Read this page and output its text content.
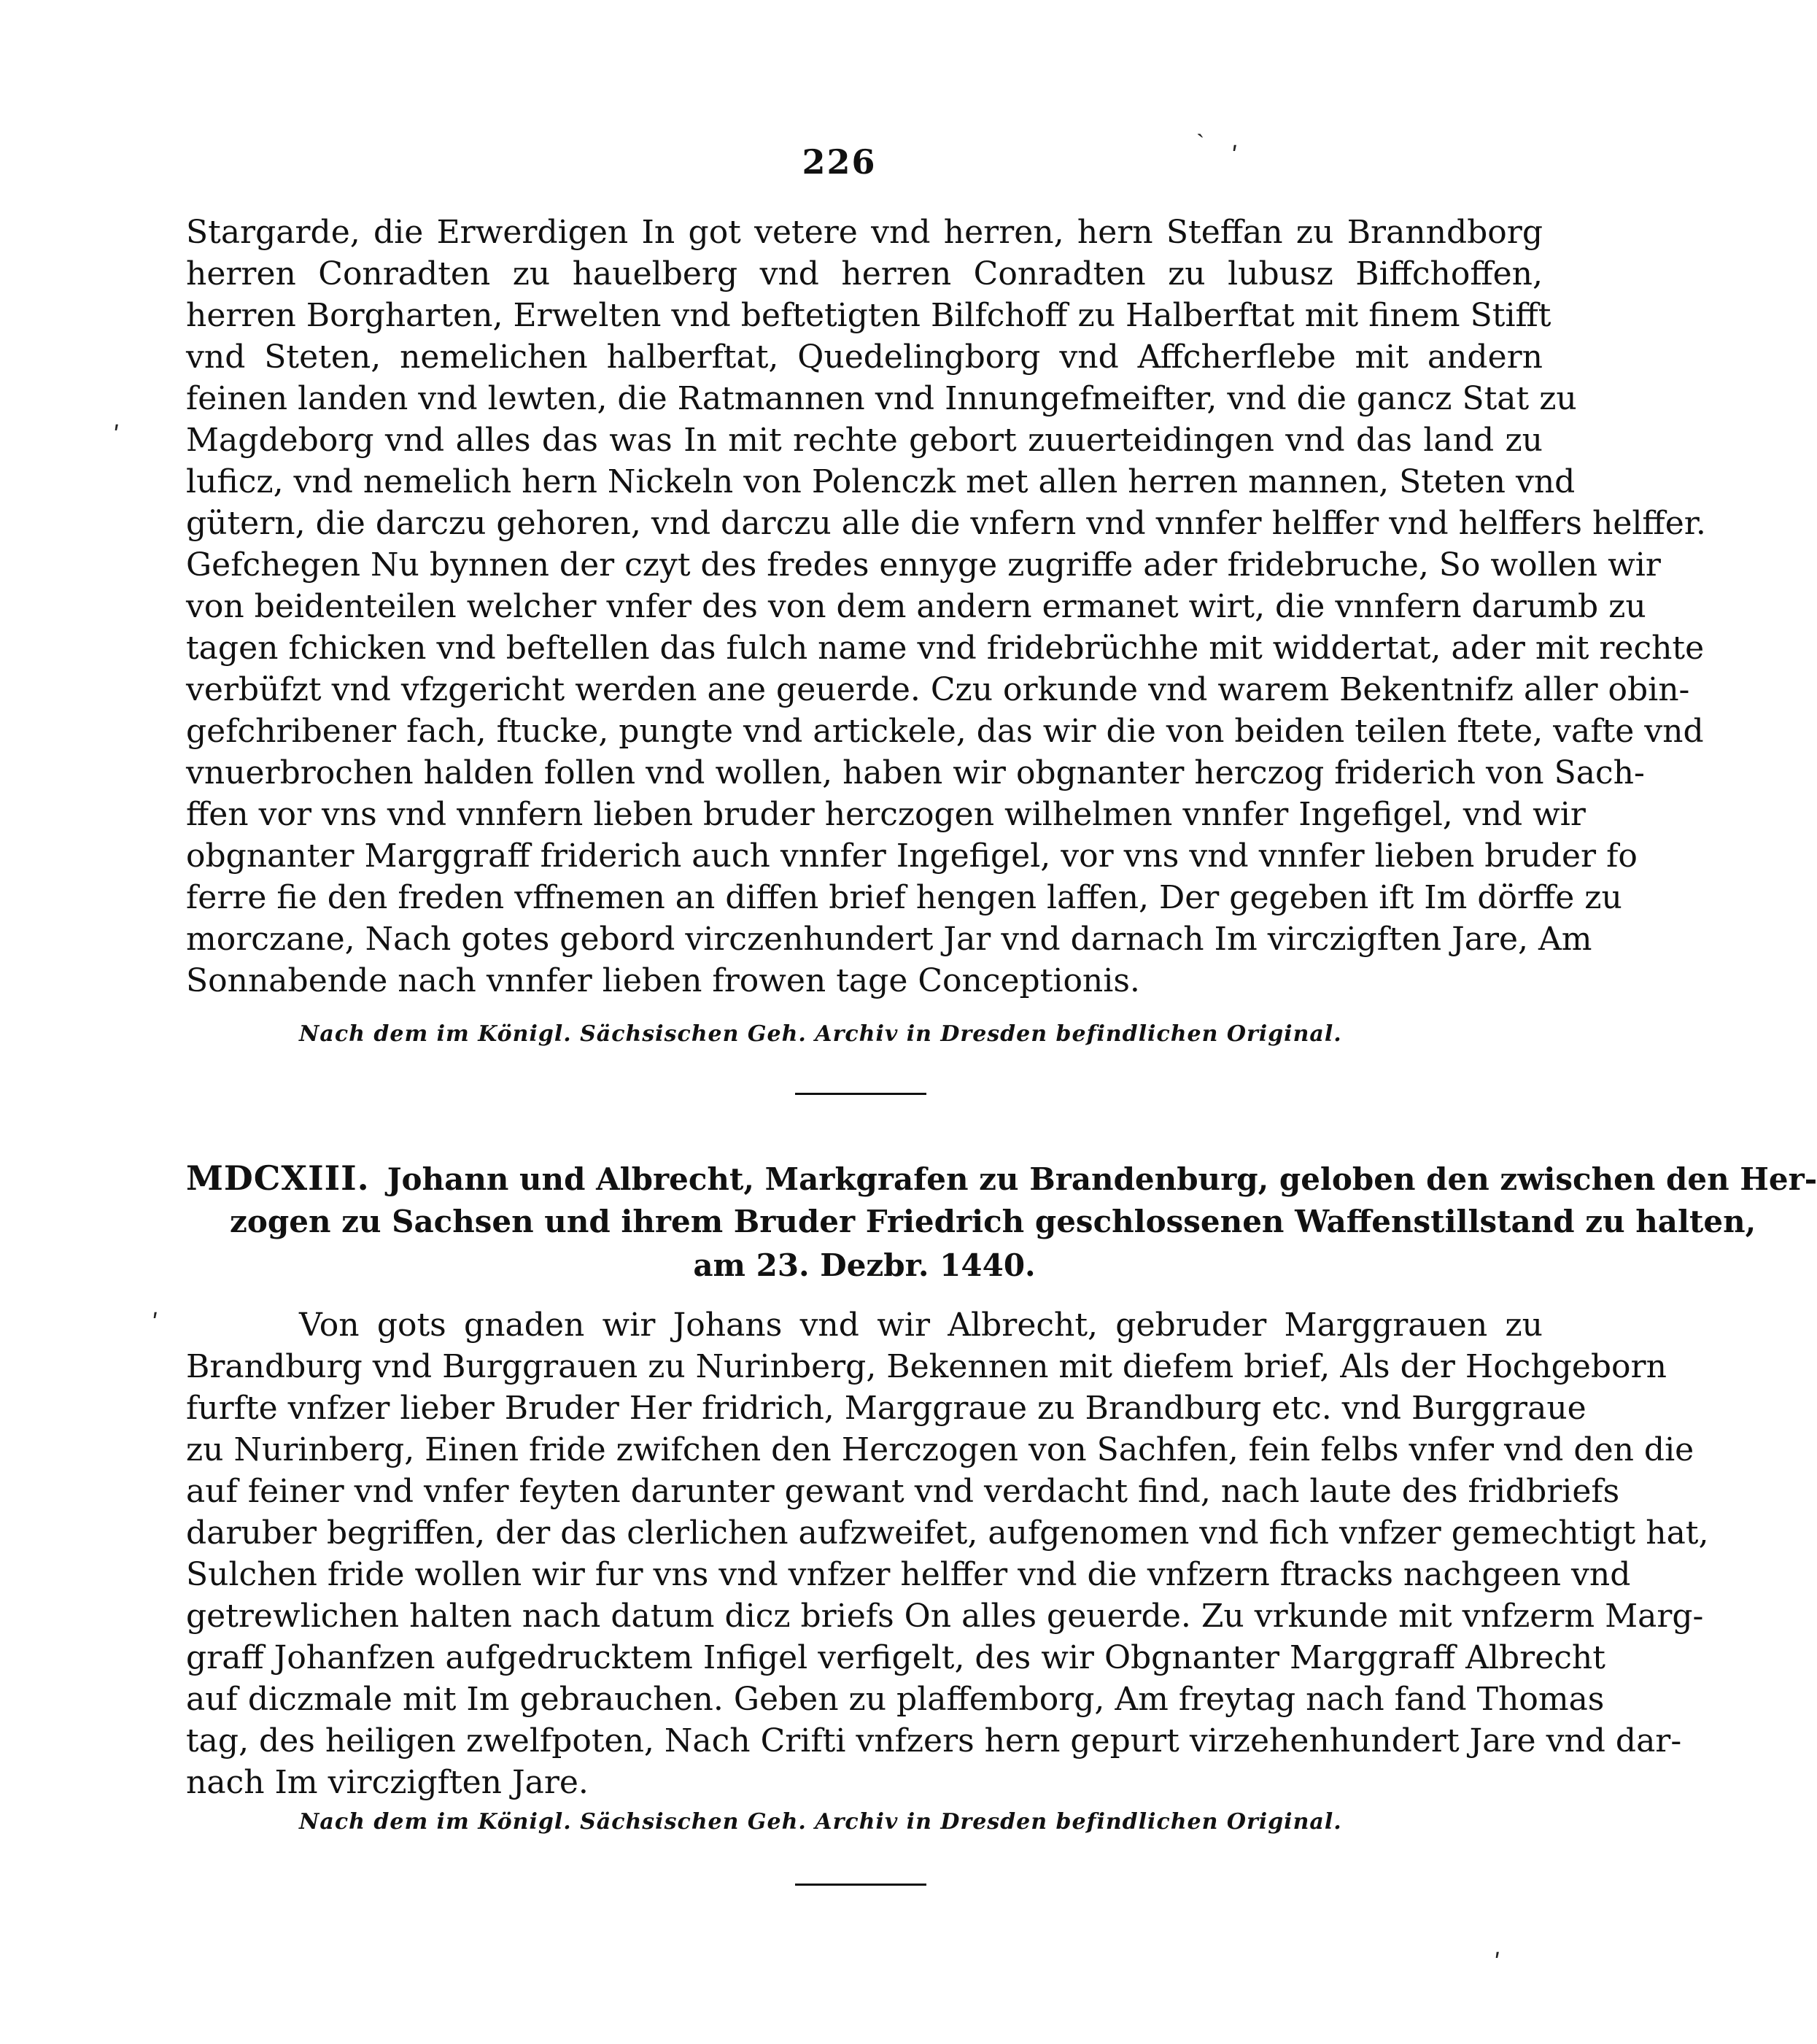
226
ˏ
ʹ
ʹ
ʹ
Stargarde, die Erwerdigen In got vetere vnd herren, hern Steffan zu Branndborg
herren Conradten zu hauelberg vnd herren Conradten zu lubusz Biffchoffen,
herren Borgharten, Erwelten vnd beftetigten Bilfchoff zu Halberftat mit finem Stifft
vnd Steten, nemelichen halberftat, Quedelingborg vnd Affcherflebe mit andern
feinen landen vnd lewten, die Ratmannen vnd Innungefmeifter, vnd die gancz Stat zu
Magdeborg vnd alles das was In mit rechte gebort zuuerteidingen vnd das land zu
luficz, vnd nemelich hern Nickeln von Polenczk met allen herren mannen, Steten vnd
gütern, die darczu gehoren, vnd darczu alle die vnfern vnd vnnfer helffer vnd helffers helffer.
Gefchegen Nu bynnen der czyt des fredes ennyge zugriffe ader fridebruche, So wollen wir
von beidenteilen welcher vnfer des von dem andern ermanet wirt, die vnnfern darumb zu
tagen fchicken vnd beftellen das fulch name vnd fridebrüchhe mit widdertat, ader mit rechte
verbüfzt vnd vfzgericht werden ane geuerde. Czu orkunde vnd warem Bekentnifz aller obin-
gefchribener fach, ftucke, pungte vnd artickele, das wir die von beiden teilen ftete, vafte vnd
vnuerbrochen halden follen vnd wollen, haben wir obgnanter herczog friderich von Sach-
ffen vor vns vnd vnnfern lieben bruder herczogen wilhelmen vnnfer Ingefigel, vnd wir
obgnanter Marggraff friderich auch vnnfer Ingefigel, vor vns vnd vnnfer lieben bruder fo
ferre fie den freden vffnemen an diffen brief hengen laffen, Der gegeben ift Im dörffe zu
morczane, Nach gotes gebord virczenhundert Jar vnd darnach Im virczigften Jare, Am
Sonnabende nach vnnfer lieben frowen tage Conceptionis.
Nach dem im Königl. Sächsischen Geh. Archiv in Dresden befindlichen Original.
MDCXIII. Johann und Albrecht, Markgrafen zu Brandenburg, geloben den zwischen den Her-
zogen zu Sachsen und ihrem Bruder Friedrich geschlossenen Waffenstillstand zu halten,
am 23. Dezbr. 1440.
Von gots gnaden wir Johans vnd wir Albrecht, gebruder Marggrauen zu
Brandburg vnd Burggrauen zu Nurinberg, Bekennen mit diefem brief, Als der Hochgeborn
furfte vnfzer lieber Bruder Her fridrich, Marggraue zu Brandburg etc. vnd Burggraue
zu Nurinberg, Einen fride zwifchen den Herczogen von Sachfen, fein felbs vnfer vnd den die
auf feiner vnd vnfer feyten darunter gewant vnd verdacht find, nach laute des fridbriefs
daruber begriffen, der das clerlichen aufzweifet, aufgenomen vnd fich vnfzer gemechtigt hat,
Sulchen fride wollen wir fur vns vnd vnfzer helffer vnd die vnfzern ftracks nachgeen vnd
getrewlichen halten nach datum dicz briefs On alles geuerde. Zu vrkunde mit vnfzerm Marg-
graff Johanfzen aufgedrucktem Infigel verfigelt, des wir Obgnanter Marggraff Albrecht
auf diczmale mit Im gebrauchen. Geben zu plaffemborg, Am freytag nach fand Thomas
tag, des heiligen zwelfpoten, Nach Crifti vnfzers hern gepurt virzehenhundert Jare vnd dar-
nach Im virczigften Jare.
Nach dem im Königl. Sächsischen Geh. Archiv in Dresden befindlichen Original.
ʹ
